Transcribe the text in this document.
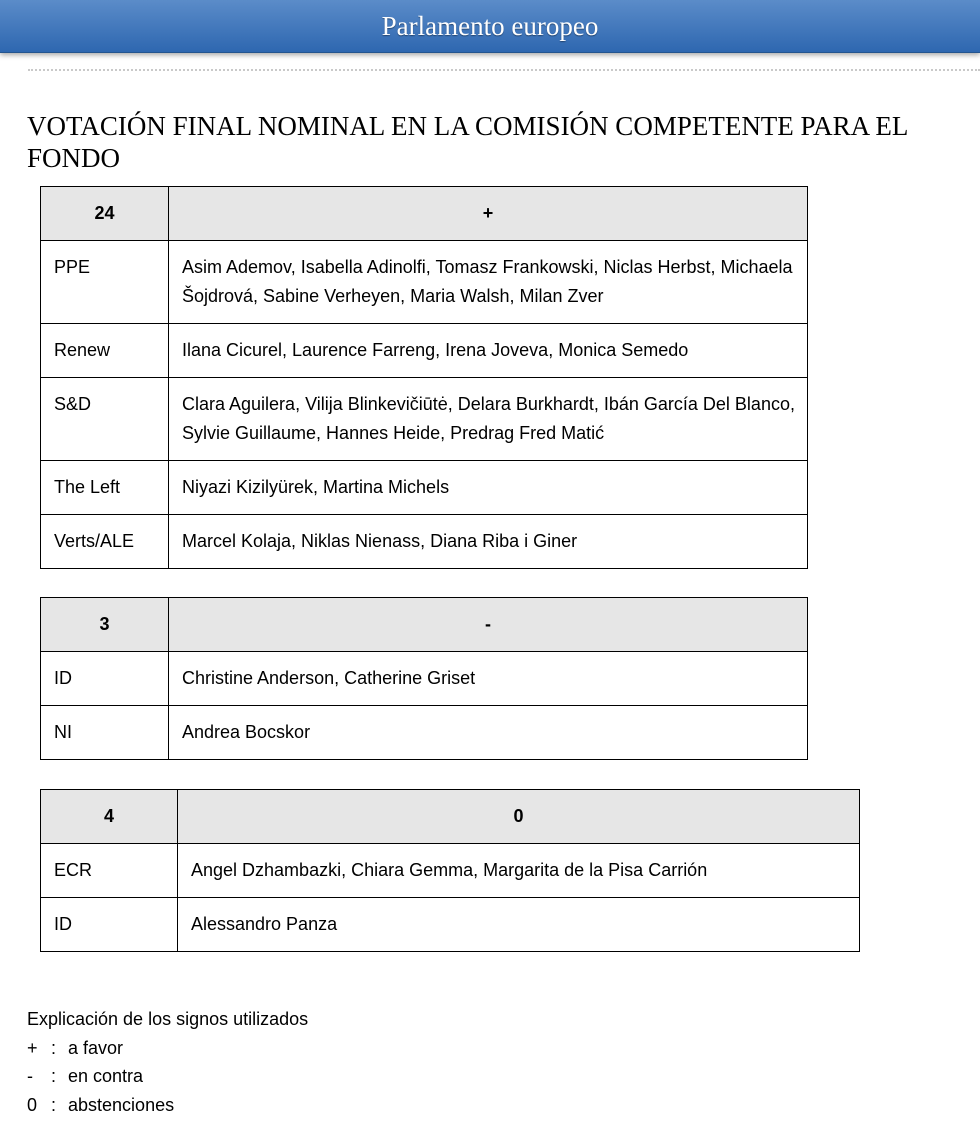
Parlamento europeo
VOTACIÓN FINAL NOMINAL EN LA COMISIÓN COMPETENTE PARA EL FONDO
24	+
PPE	Asim Ademov, Isabella Adinolfi, Tomasz Frankowski, Niclas Herbst, Michaela Šojdrová, Sabine Verheyen, Maria Walsh, Milan Zver
Renew	Ilana Cicurel, Laurence Farreng, Irena Joveva, Monica Semedo
S&D	Clara Aguilera, Vilija Blinkevičiūtė, Delara Burkhardt, Ibán García Del Blanco, Sylvie Guillaume, Hannes Heide, Predrag Fred Matić
The Left	Niyazi Kizilyürek, Martina Michels
Verts/ALE	Marcel Kolaja, Niklas Nienass, Diana Riba i Giner
3	-
ID	Christine Anderson, Catherine Griset
NI	Andrea Bocskor
4	0
ECR	Angel Dzhambazki, Chiara Gemma, Margarita de la Pisa Carrión
ID	Alessandro Panza
Explicación de los signos utilizados
+ : a favor
- : en contra
0 : abstenciones
